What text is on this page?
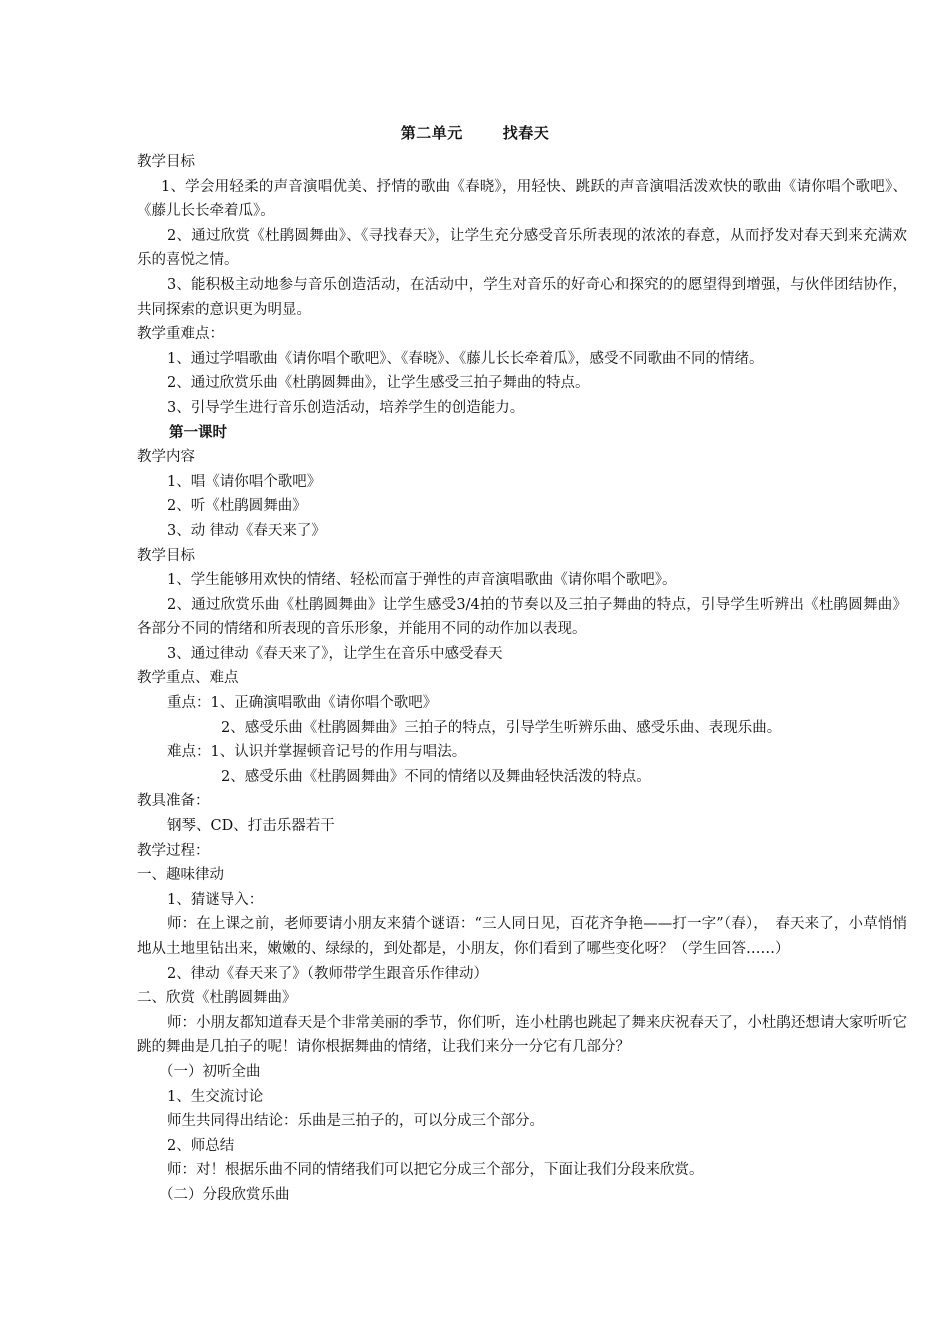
第二单元	找春天

教学目标

1、学会用轻柔的声音演唱优美、抒情的歌曲《春晓》，用轻快、跳跃的声音演唱活泼欢快的歌曲《请你唱个歌吧》、《藤儿长长牵着瓜》。

2、通过欣赏《杜鹃圆舞曲》、《寻找春天》，让学生充分感受音乐所表现的浓浓的春意，从而抒发对春天到来充满欢乐的喜悦之情。

3、能积极主动地参与音乐创造活动，在活动中，学生对音乐的好奇心和探究的的愿望得到增强，与伙伴团结协作，共同探索的意识更为明显。

教学重难点：

1、通过学唱歌曲《请你唱个歌吧》、《春晓》、《藤儿长长牵着瓜》，感受不同歌曲不同的情绪。

2、通过欣赏乐曲《杜鹃圆舞曲》，让学生感受三拍子舞曲的特点。

3、引导学生进行音乐创造活动，培养学生的创造能力。

第一课时

教学内容

1、唱《请你唱个歌吧》

2、听《杜鹃圆舞曲》

3、动 律动《春天来了》

教学目标

1、学生能够用欢快的情绪、轻松而富于弹性的声音演唱歌曲《请你唱个歌吧》。

2、通过欣赏乐曲《杜鹃圆舞曲》让学生感受3/4拍的节奏以及三拍子舞曲的特点，引导学生听辨出《杜鹃圆舞曲》各部分不同的情绪和所表现的音乐形象，并能用不同的动作加以表现。

3、通过律动《春天来了》，让学生在音乐中感受春天

教学重点、难点

重点：1、正确演唱歌曲《请你唱个歌吧》

2、感受乐曲《杜鹃圆舞曲》三拍子的特点，引导学生听辨乐曲、感受乐曲、表现乐曲。

难点：1、认识并掌握顿音记号的作用与唱法。

2、感受乐曲《杜鹃圆舞曲》不同的情绪以及舞曲轻快活泼的特点。

教具准备：

钢琴、CD、打击乐器若干

教学过程：

一、趣味律动

1、猜谜导入：

师：在上课之前，老师要请小朋友来猜个谜语：“三人同日见，百花齐争艳——打一字”（春），　春天来了，小草悄悄地从土地里钻出来，嫩嫩的、绿绿的，到处都是，小朋友，你们看到了哪些变化呀？（学生回答……）

2、律动《春天来了》（教师带学生跟音乐作律动）

二、欣赏《杜鹃圆舞曲》

师：小朋友都知道春天是个非常美丽的季节，你们听，连小杜鹃也跳起了舞来庆祝春天了，小杜鹃还想请大家听听它跳的舞曲是几拍子的呢！请你根据舞曲的情绪，让我们来分一分它有几部分？

（一）初听全曲

1、生交流讨论

师生共同得出结论：乐曲是三拍子的，可以分成三个部分。

2、师总结

师：对！根据乐曲不同的情绪我们可以把它分成三个部分，下面让我们分段来欣赏。

（二）分段欣赏乐曲
